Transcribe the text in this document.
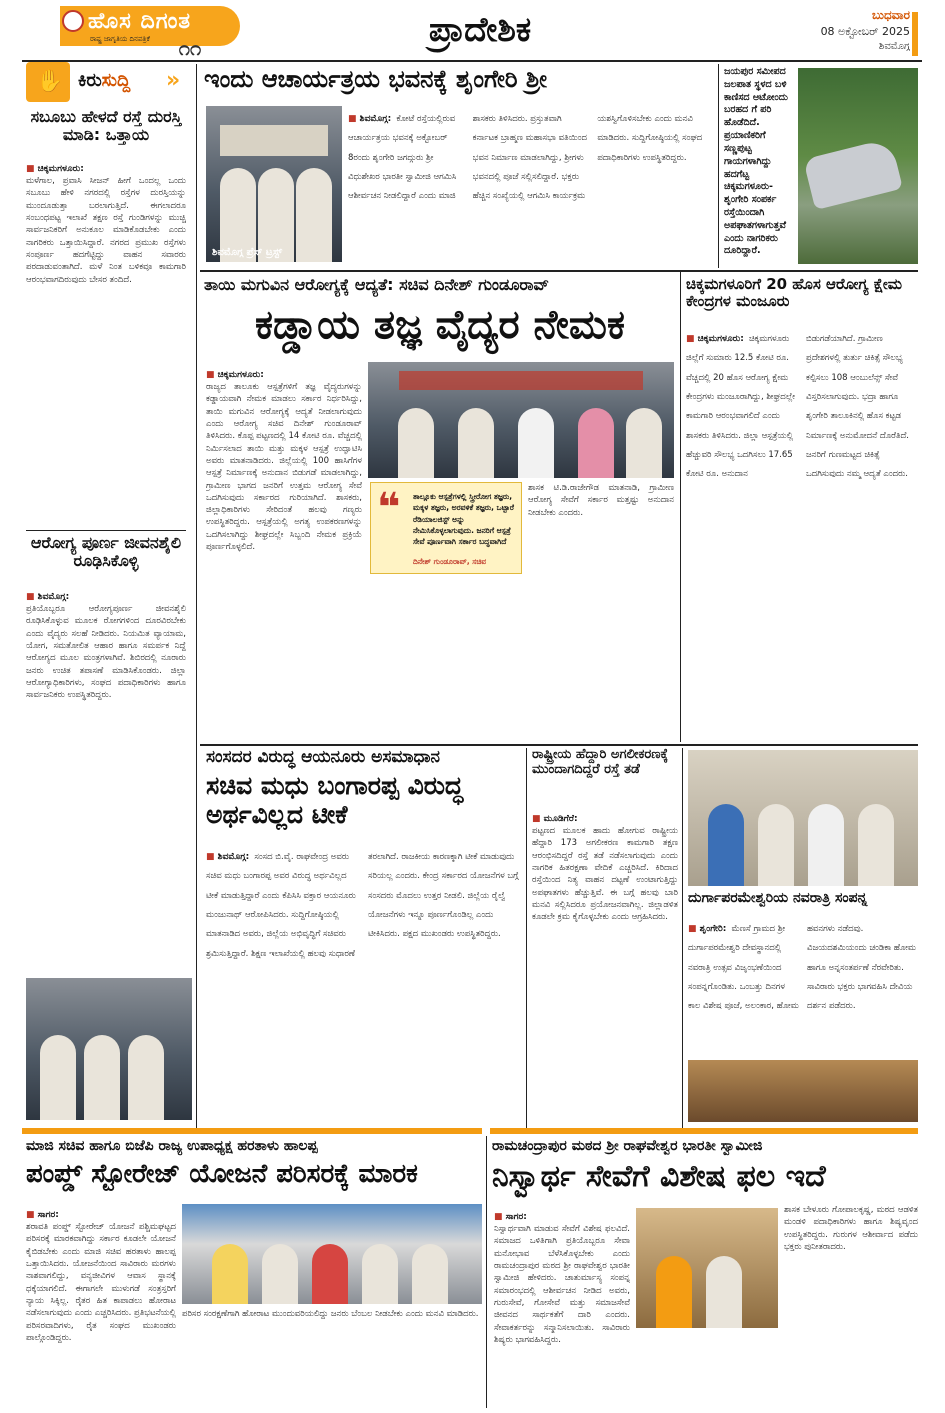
ಹೊಸ ದಿಗಂತ
ರಾಷ್ಟ್ರ ಜಾಗೃತಿಯ ದಿನಪತ್ರಿಕೆ	೧೧	ಪ್ರಾದೇಶಿಕ	ಬುಧವಾರ
08 ಅಕ್ಟೋಬರ್ 2025
ಶಿವಮೊಗ್ಗ
✋ ಕಿರುಸುದ್ದಿ »
ಸಬೂಬು ಹೇಳದೆ ರಸ್ತೆ ದುರಸ್ತಿ ಮಾಡಿ: ಒತ್ತಾಯ
■ ಚಿಕ್ಕಮಗಳೂರು:

ಮಳೆಗಾಲ, ಪ್ರವಾಸಿ ಸೀಜನ್ ಹೀಗೆ ಒಂದಲ್ಲ ಒಂದು ಸಬೂಬು ಹೇಳಿ ನಗರದಲ್ಲಿ ರಸ್ತೆಗಳ ದುರಸ್ತಿಯನ್ನು ಮುಂದೂಡುತ್ತಾ ಬರಲಾಗುತ್ತಿದೆ. ಈಗಲಾದರೂ ಸಂಬಂಧಪಟ್ಟ ಇಲಾಖೆ ತಕ್ಷಣ ರಸ್ತೆ ಗುಂಡಿಗಳನ್ನು ಮುಚ್ಚಿ ಸಾರ್ವಜನಿಕರಿಗೆ ಅನುಕೂಲ ಮಾಡಿಕೊಡಬೇಕು ಎಂದು ನಾಗರಿಕರು ಒತ್ತಾಯಿಸಿದ್ದಾರೆ. ನಗರದ ಪ್ರಮುಖ ರಸ್ತೆಗಳು ಸಂಪೂರ್ಣ ಹದಗೆಟ್ಟಿದ್ದು ವಾಹನ ಸವಾರರು ಪರದಾಡುವಂತಾಗಿದೆ. ಮಳೆ ನಿಂತ ಬಳಿಕವೂ ಕಾಮಗಾರಿ ಆರಂಭವಾಗದಿರುವುದು ಬೇಸರ ತಂದಿದೆ.

ಆರೋಗ್ಯ ಪೂರ್ಣ ಜೀವನಶೈಲಿ ರೂಢಿಸಿಕೊಳ್ಳಿ
■ ಶಿವಮೊಗ್ಗ:

ಪ್ರತಿಯೊಬ್ಬರೂ ಆರೋಗ್ಯಪೂರ್ಣ ಜೀವನಶೈಲಿ ರೂಢಿಸಿಕೊಳ್ಳುವ ಮೂಲಕ ರೋಗಗಳಿಂದ ದೂರವಿರಬೇಕು ಎಂದು ವೈದ್ಯರು ಸಲಹೆ ನೀಡಿದರು. ನಿಯಮಿತ ವ್ಯಾಯಾಮ, ಯೋಗ, ಸಮತೋಲಿತ ಆಹಾರ ಹಾಗೂ ಸಮರ್ಪಕ ನಿದ್ದೆ ಆರೋಗ್ಯದ ಮೂಲ ಮಂತ್ರಗಳಾಗಿವೆ. ಶಿಬಿರದಲ್ಲಿ ನೂರಾರು ಜನರು ಉಚಿತ ತಪಾಸಣೆ ಮಾಡಿಸಿಕೊಂಡರು. ಜಿಲ್ಲಾ ಆರೋಗ್ಯಾಧಿಕಾರಿಗಳು, ಸಂಘದ ಪದಾಧಿಕಾರಿಗಳು ಹಾಗೂ ಸಾರ್ವಜನಿಕರು ಉಪಸ್ಥಿತರಿದ್ದರು.

ಇಂದು ಆಚಾರ್ಯತ್ರಯ ಭವನಕ್ಕೆ ಶೃಂಗೇರಿ ಶ್ರೀ
ಶಿವಮೊಗ್ಗ ಪ್ರೆಸ್ ಟ್ರಸ್ಟ್
■ ಶಿವಮೊಗ್ಗ: ಕೋಟೆ ರಸ್ತೆಯಲ್ಲಿರುವ ಆಚಾರ್ಯತ್ರಯ ಭವನಕ್ಕೆ ಅಕ್ಟೋಬರ್ 8ರಂದು ಶೃಂಗೇರಿ ಜಗದ್ಗುರು ಶ್ರೀ ವಿಧುಶೇಖರ ಭಾರತೀ ಸ್ವಾಮೀಜಿ ಆಗಮಿಸಿ ಆಶೀರ್ವಚನ ನೀಡಲಿದ್ದಾರೆ ಎಂದು ಮಾಜಿ ಶಾಸಕರು ತಿಳಿಸಿದರು. ಪ್ರಸ್ತುತವಾಗಿ ಕರ್ನಾಟಕ ಬ್ರಾಹ್ಮಣ ಮಹಾಸಭಾ ವತಿಯಿಂದ ಭವನ ನಿರ್ಮಾಣ ಮಾಡಲಾಗಿದ್ದು, ಶ್ರೀಗಳು ಭವನದಲ್ಲಿ ಪೂಜೆ ಸಲ್ಲಿಸಲಿದ್ದಾರೆ. ಭಕ್ತರು ಹೆಚ್ಚಿನ ಸಂಖ್ಯೆಯಲ್ಲಿ ಆಗಮಿಸಿ ಕಾರ್ಯಕ್ರಮ ಯಶಸ್ವಿಗೊಳಿಸಬೇಕು ಎಂದು ಮನವಿ ಮಾಡಿದರು. ಸುದ್ದಿಗೋಷ್ಠಿಯಲ್ಲಿ ಸಂಘದ ಪದಾಧಿಕಾರಿಗಳು ಉಪಸ್ಥಿತರಿದ್ದರು.
ಜಯಪುರ ಸಮೀಪದ ಜಲಪಾತ ಸ್ಥಳದ ಬಳಿ ಕಾಣಿಸದ ಆಟೋಂದು ಬರಹದ ಗೆ ಪರಿ ಹೊಡೆದಿದೆ. ಪ್ರಯಾಣಿಕರಿಗೆ ಸಣ್ಣಪುಟ್ಟ ಗಾಯಗಳಾಗಿದ್ದು ಹದಗೆಟ್ಟ ಚಿಕ್ಕಮಗಳೂರು-ಶೃಂಗೇರಿ ಸಂಪರ್ಕ ರಸ್ತೆಯಿಂದಾಗಿ ಅಪಘಾತಗಳಾಗುತ್ತವೆ ಎಂದು ನಾಗರಿಕರು ದೂರಿದ್ದಾರೆ.
ತಾಯಿ ಮಗುವಿನ ಆರೋಗ್ಯಕ್ಕೆ ಆದ್ಯತೆ: ಸಚಿವ ದಿನೇಶ್ ಗುಂಡೂರಾವ್
ಕಡ್ಡಾಯ ತಜ್ಞ ವೈದ್ಯರ ನೇಮಕ
■ ಚಿಕ್ಕಮಗಳೂರು:

ರಾಜ್ಯದ ತಾಲೂಕು ಆಸ್ಪತ್ರೆಗಳಿಗೆ ತಜ್ಞ ವೈದ್ಯರುಗಳನ್ನು ಕಡ್ಡಾಯವಾಗಿ ನೇಮಕ ಮಾಡಲು ಸರ್ಕಾರ ನಿರ್ಧರಿಸಿದ್ದು, ತಾಯಿ ಮಗುವಿನ ಆರೋಗ್ಯಕ್ಕೆ ಆದ್ಯತೆ ನೀಡಲಾಗುವುದು ಎಂದು ಆರೋಗ್ಯ ಸಚಿವ ದಿನೇಶ್ ಗುಂಡೂರಾವ್ ತಿಳಿಸಿದರು. ಕೊಪ್ಪ ಪಟ್ಟಣದಲ್ಲಿ 14 ಕೋಟಿ ರೂ. ವೆಚ್ಚದಲ್ಲಿ ನಿರ್ಮಿಸಲಾದ ತಾಯಿ ಮತ್ತು ಮಕ್ಕಳ ಆಸ್ಪತ್ರೆ ಉದ್ಘಾಟಿಸಿ ಅವರು ಮಾತನಾಡಿದರು. ಜಿಲ್ಲೆಯಲ್ಲಿ 100 ಹಾಸಿಗೆಗಳ ಆಸ್ಪತ್ರೆ ನಿರ್ಮಾಣಕ್ಕೆ ಅನುದಾನ ಬಿಡುಗಡೆ ಮಾಡಲಾಗಿದ್ದು, ಗ್ರಾಮೀಣ ಭಾಗದ ಜನರಿಗೆ ಉತ್ತಮ ಆರೋಗ್ಯ ಸೇವೆ ಒದಗಿಸುವುದು ಸರ್ಕಾರದ ಗುರಿಯಾಗಿದೆ. ಶಾಸಕರು, ಜಿಲ್ಲಾಧಿಕಾರಿಗಳು ಸೇರಿದಂತೆ ಹಲವು ಗಣ್ಯರು ಉಪಸ್ಥಿತರಿದ್ದರು. ಆಸ್ಪತ್ರೆಯಲ್ಲಿ ಅಗತ್ಯ ಉಪಕರಣಗಳನ್ನು ಒದಗಿಸಲಾಗಿದ್ದು ಶೀಘ್ರದಲ್ಲೇ ಸಿಬ್ಬಂದಿ ನೇಮಕ ಪ್ರಕ್ರಿಯೆ ಪೂರ್ಣಗೊಳ್ಳಲಿದೆ.

❝ ತಾಲ್ಲೂಕು ಆಸ್ಪತ್ರೆಗಳಲ್ಲಿ ಸ್ತ್ರೀರೋಗ ತಜ್ಞರು, ಮಕ್ಕಳ ತಜ್ಞರು, ಅರವಳಿಕೆ ತಜ್ಞರು, ಒಟ್ಟಾರೆ ರೆಡಿಯಾಲಜಿಸ್ಟ್ ಅನ್ನು ನೇಮಿಸಿಕೊಳ್ಳಲಾಗುವುದು. ಜನರಿಗೆ ಆಸ್ಪತ್ರೆ ಸೇವೆ ಪೂರ್ಣವಾಗಿ ಸರ್ಕಾರ ಬದ್ಧವಾಗಿದೆ
ದಿನೇಶ್ ಗುಂಡೂರಾವ್, ಸಚಿವ

ಶಾಸಕ ಟಿ.ಡಿ.ರಾಜೇಗೌಡ ಮಾತನಾಡಿ, ಗ್ರಾಮೀಣ ಆರೋಗ್ಯ ಸೇವೆಗೆ ಸರ್ಕಾರ ಮತ್ತಷ್ಟು ಅನುದಾನ ನೀಡಬೇಕು ಎಂದರು.

ಚಿಕ್ಕಮಗಳೂರಿಗೆ 20 ಹೊಸ ಆರೋಗ್ಯ ಕ್ಷೇಮ ಕೇಂದ್ರಗಳ ಮಂಜೂರು
■ ಚಿಕ್ಕಮಗಳೂರು: ಚಿಕ್ಕಮಗಳೂರು ಜಿಲ್ಲೆಗೆ ಸುಮಾರು 12.5 ಕೋಟಿ ರೂ. ವೆಚ್ಚದಲ್ಲಿ 20 ಹೊಸ ಆರೋಗ್ಯ ಕ್ಷೇಮ ಕೇಂದ್ರಗಳು ಮಂಜೂರಾಗಿದ್ದು, ಶೀಘ್ರದಲ್ಲೇ ಕಾಮಗಾರಿ ಆರಂಭವಾಗಲಿದೆ ಎಂದು ಶಾಸಕರು ತಿಳಿಸಿದರು. ಜಿಲ್ಲಾ ಆಸ್ಪತ್ರೆಯಲ್ಲಿ ಹೆಚ್ಚುವರಿ ಸೌಲಭ್ಯ ಒದಗಿಸಲು 17.65 ಕೋಟಿ ರೂ. ಅನುದಾನ ಬಿಡುಗಡೆಯಾಗಿದೆ. ಗ್ರಾಮೀಣ ಪ್ರದೇಶಗಳಲ್ಲಿ ತುರ್ತು ಚಿಕಿತ್ಸೆ ಸೌಲಭ್ಯ ಕಲ್ಪಿಸಲು 108 ಆಂಬುಲೆನ್ಸ್ ಸೇವೆ ವಿಸ್ತರಿಸಲಾಗುವುದು. ಭದ್ರಾ ಹಾಗೂ ಶೃಂಗೇರಿ ತಾಲೂಕಿನಲ್ಲಿ ಹೊಸ ಕಟ್ಟಡ ನಿರ್ಮಾಣಕ್ಕೆ ಅನುಮೋದನೆ ದೊರೆತಿದೆ. ಜನರಿಗೆ ಗುಣಮಟ್ಟದ ಚಿಕಿತ್ಸೆ ಒದಗಿಸುವುದು ನಮ್ಮ ಆದ್ಯತೆ ಎಂದರು.
ಸಂಸದರ ವಿರುದ್ಧ ಆಯನೂರು ಅಸಮಾಧಾನ
ಸಚಿವ ಮಧು ಬಂಗಾರಪ್ಪ ವಿರುದ್ಧ ಅರ್ಥವಿಲ್ಲದ ಟೀಕೆ
■ ಶಿವಮೊಗ್ಗ: ಸಂಸದ ಬಿ.ವೈ. ರಾಘವೇಂದ್ರ ಅವರು ಸಚಿವ ಮಧು ಬಂಗಾರಪ್ಪ ಅವರ ವಿರುದ್ಧ ಅರ್ಥವಿಲ್ಲದ ಟೀಕೆ ಮಾಡುತ್ತಿದ್ದಾರೆ ಎಂದು ಕೆಪಿಸಿಸಿ ವಕ್ತಾರ ಆಯನೂರು ಮಂಜುನಾಥ್ ಆರೋಪಿಸಿದರು. ಸುದ್ದಿಗೋಷ್ಠಿಯಲ್ಲಿ ಮಾತನಾಡಿದ ಅವರು, ಜಿಲ್ಲೆಯ ಅಭಿವೃದ್ಧಿಗೆ ಸಚಿವರು ಶ್ರಮಿಸುತ್ತಿದ್ದಾರೆ. ಶಿಕ್ಷಣ ಇಲಾಖೆಯಲ್ಲಿ ಹಲವು ಸುಧಾರಣೆ ತರಲಾಗಿದೆ. ರಾಜಕೀಯ ಕಾರಣಕ್ಕಾಗಿ ಟೀಕೆ ಮಾಡುವುದು ಸರಿಯಲ್ಲ ಎಂದರು. ಕೇಂದ್ರ ಸರ್ಕಾರದ ಯೋಜನೆಗಳ ಬಗ್ಗೆ ಸಂಸದರು ಮೊದಲು ಉತ್ತರ ನೀಡಲಿ. ಜಿಲ್ಲೆಯ ರೈಲ್ವೆ ಯೋಜನೆಗಳು ಇನ್ನೂ ಪೂರ್ಣಗೊಂಡಿಲ್ಲ ಎಂದು ಟೀಕಿಸಿದರು. ಪಕ್ಷದ ಮುಖಂಡರು ಉಪಸ್ಥಿತರಿದ್ದರು.
ರಾಷ್ಟ್ರೀಯ ಹೆದ್ದಾರಿ ಅಗಲೀಕರಣಕ್ಕೆ ಮುಂದಾಗದಿದ್ದರೆ ರಸ್ತೆ ತಡೆ
■ ಮೂಡಿಗೆರೆ:

ಪಟ್ಟಣದ ಮೂಲಕ ಹಾದು ಹೋಗುವ ರಾಷ್ಟ್ರೀಯ ಹೆದ್ದಾರಿ 173 ಅಗಲೀಕರಣ ಕಾಮಗಾರಿ ತಕ್ಷಣ ಆರಂಭಿಸದಿದ್ದರೆ ರಸ್ತೆ ತಡೆ ನಡೆಸಲಾಗುವುದು ಎಂದು ನಾಗರಿಕ ಹಿತರಕ್ಷಣಾ ವೇದಿಕೆ ಎಚ್ಚರಿಸಿದೆ. ಕಿರಿದಾದ ರಸ್ತೆಯಿಂದ ನಿತ್ಯ ವಾಹನ ದಟ್ಟಣೆ ಉಂಟಾಗುತ್ತಿದ್ದು ಅಪಘಾತಗಳು ಹೆಚ್ಚುತ್ತಿವೆ. ಈ ಬಗ್ಗೆ ಹಲವು ಬಾರಿ ಮನವಿ ಸಲ್ಲಿಸಿದರೂ ಪ್ರಯೋಜನವಾಗಿಲ್ಲ. ಜಿಲ್ಲಾಡಳಿತ ಕೂಡಲೇ ಕ್ರಮ ಕೈಗೊಳ್ಳಬೇಕು ಎಂದು ಆಗ್ರಹಿಸಿದರು.

ದುರ್ಗಾಪರಮೇಶ್ವರಿಯ ನವರಾತ್ರಿ ಸಂಪನ್ನ
■ ಶೃಂಗೇರಿ: ಮೆಣಸೆ ಗ್ರಾಮದ ಶ್ರೀ ದುರ್ಗಾಪರಮೇಶ್ವರಿ ದೇವಸ್ಥಾನದಲ್ಲಿ ನವರಾತ್ರಿ ಉತ್ಸವ ವಿಜೃಂಭಣೆಯಿಂದ ಸಂಪನ್ನಗೊಂಡಿತು. ಒಂಬತ್ತು ದಿನಗಳ ಕಾಲ ವಿಶೇಷ ಪೂಜೆ, ಅಲಂಕಾರ, ಹೋಮ ಹವನಗಳು ನಡೆದವು. ವಿಜಯದಶಮಿಯಂದು ಚಂಡಿಕಾ ಹೋಮ ಹಾಗೂ ಅನ್ನಸಂತರ್ಪಣೆ ನೆರವೇರಿತು. ಸಾವಿರಾರು ಭಕ್ತರು ಭಾಗವಹಿಸಿ ದೇವಿಯ ದರ್ಶನ ಪಡೆದರು.
ಮಾಜಿ ಸಚಿವ ಹಾಗೂ ಬಿಜೆಪಿ ರಾಜ್ಯ ಉಪಾಧ್ಯಕ್ಷ ಹರತಾಳು ಹಾಲಪ್ಪ
ಪಂಪ್ಡ್ ಸ್ಟೋರೇಜ್ ಯೋಜನೆ ಪರಿಸರಕ್ಕೆ ಮಾರಕ
■ ಸಾಗರ:

ಶರಾವತಿ ಪಂಪ್ಡ್ ಸ್ಟೋರೇಜ್ ಯೋಜನೆ ಪಶ್ಚಿಮಘಟ್ಟದ ಪರಿಸರಕ್ಕೆ ಮಾರಕವಾಗಿದ್ದು ಸರ್ಕಾರ ಕೂಡಲೇ ಯೋಜನೆ ಕೈಬಿಡಬೇಕು ಎಂದು ಮಾಜಿ ಸಚಿವ ಹರತಾಳು ಹಾಲಪ್ಪ ಒತ್ತಾಯಿಸಿದರು. ಯೋಜನೆಯಿಂದ ಸಾವಿರಾರು ಮರಗಳು ನಾಶವಾಗಲಿದ್ದು, ವನ್ಯಜೀವಿಗಳ ಆವಾಸ ಸ್ಥಾನಕ್ಕೆ ಧಕ್ಕೆಯಾಗಲಿದೆ. ಈಗಾಗಲೇ ಮುಳುಗಡೆ ಸಂತ್ರಸ್ತರಿಗೆ ನ್ಯಾಯ ಸಿಕ್ಕಿಲ್ಲ. ರೈತರ ಹಿತ ಕಾಪಾಡಲು ಹೋರಾಟ ನಡೆಸಲಾಗುವುದು ಎಂದು ಎಚ್ಚರಿಸಿದರು. ಪ್ರತಿಭಟನೆಯಲ್ಲಿ ಪರಿಸರವಾದಿಗಳು, ರೈತ ಸಂಘದ ಮುಖಂಡರು ಪಾಲ್ಗೊಂಡಿದ್ದರು.

ಪರಿಸರ ಸಂರಕ್ಷಣೆಗಾಗಿ ಹೋರಾಟ ಮುಂದುವರಿಯಲಿದ್ದು ಜನರು ಬೆಂಬಲ ನೀಡಬೇಕು ಎಂದು ಮನವಿ ಮಾಡಿದರು.

ರಾಮಚಂದ್ರಾಪುರ ಮಠದ ಶ್ರೀ ರಾಘವೇಶ್ವರ ಭಾರತೀ ಸ್ವಾಮೀಜಿ
ನಿಸ್ವಾರ್ಥ ಸೇವೆಗೆ ವಿಶೇಷ ಫಲ ಇದೆ
■ ಸಾಗರ:

ನಿಸ್ವಾರ್ಥವಾಗಿ ಮಾಡುವ ಸೇವೆಗೆ ವಿಶೇಷ ಫಲವಿದೆ. ಸಮಾಜದ ಒಳಿತಿಗಾಗಿ ಪ್ರತಿಯೊಬ್ಬರೂ ಸೇವಾ ಮನೋಭಾವ ಬೆಳೆಸಿಕೊಳ್ಳಬೇಕು ಎಂದು ರಾಮಚಂದ್ರಾಪುರ ಮಠದ ಶ್ರೀ ರಾಘವೇಶ್ವರ ಭಾರತೀ ಸ್ವಾಮೀಜಿ ಹೇಳಿದರು. ಚಾತುರ್ಮಾಸ್ಯ ಸಂಪನ್ನ ಸಮಾರಂಭದಲ್ಲಿ ಆಶೀರ್ವಚನ ನೀಡಿದ ಅವರು, ಗುರುಸೇವೆ, ಗೋಸೇವೆ ಮತ್ತು ಸಮಾಜಸೇವೆ ಜೀವನದ ಸಾರ್ಥಕತೆಗೆ ದಾರಿ ಎಂದರು. ಸೇವಾಕರ್ತರನ್ನು ಸನ್ಮಾನಿಸಲಾಯಿತು. ಸಾವಿರಾರು ಶಿಷ್ಯರು ಭಾಗವಹಿಸಿದ್ದರು.

ಶಾಸಕ ಬೇಳೂರು ಗೋಪಾಲಕೃಷ್ಣ, ಮಠದ ಆಡಳಿತ ಮಂಡಳಿ ಪದಾಧಿಕಾರಿಗಳು ಹಾಗೂ ಶಿಷ್ಯವೃಂದ ಉಪಸ್ಥಿತರಿದ್ದರು. ಗುರುಗಳ ಆಶೀರ್ವಾದ ಪಡೆದು ಭಕ್ತರು ಪುನೀತರಾದರು.
